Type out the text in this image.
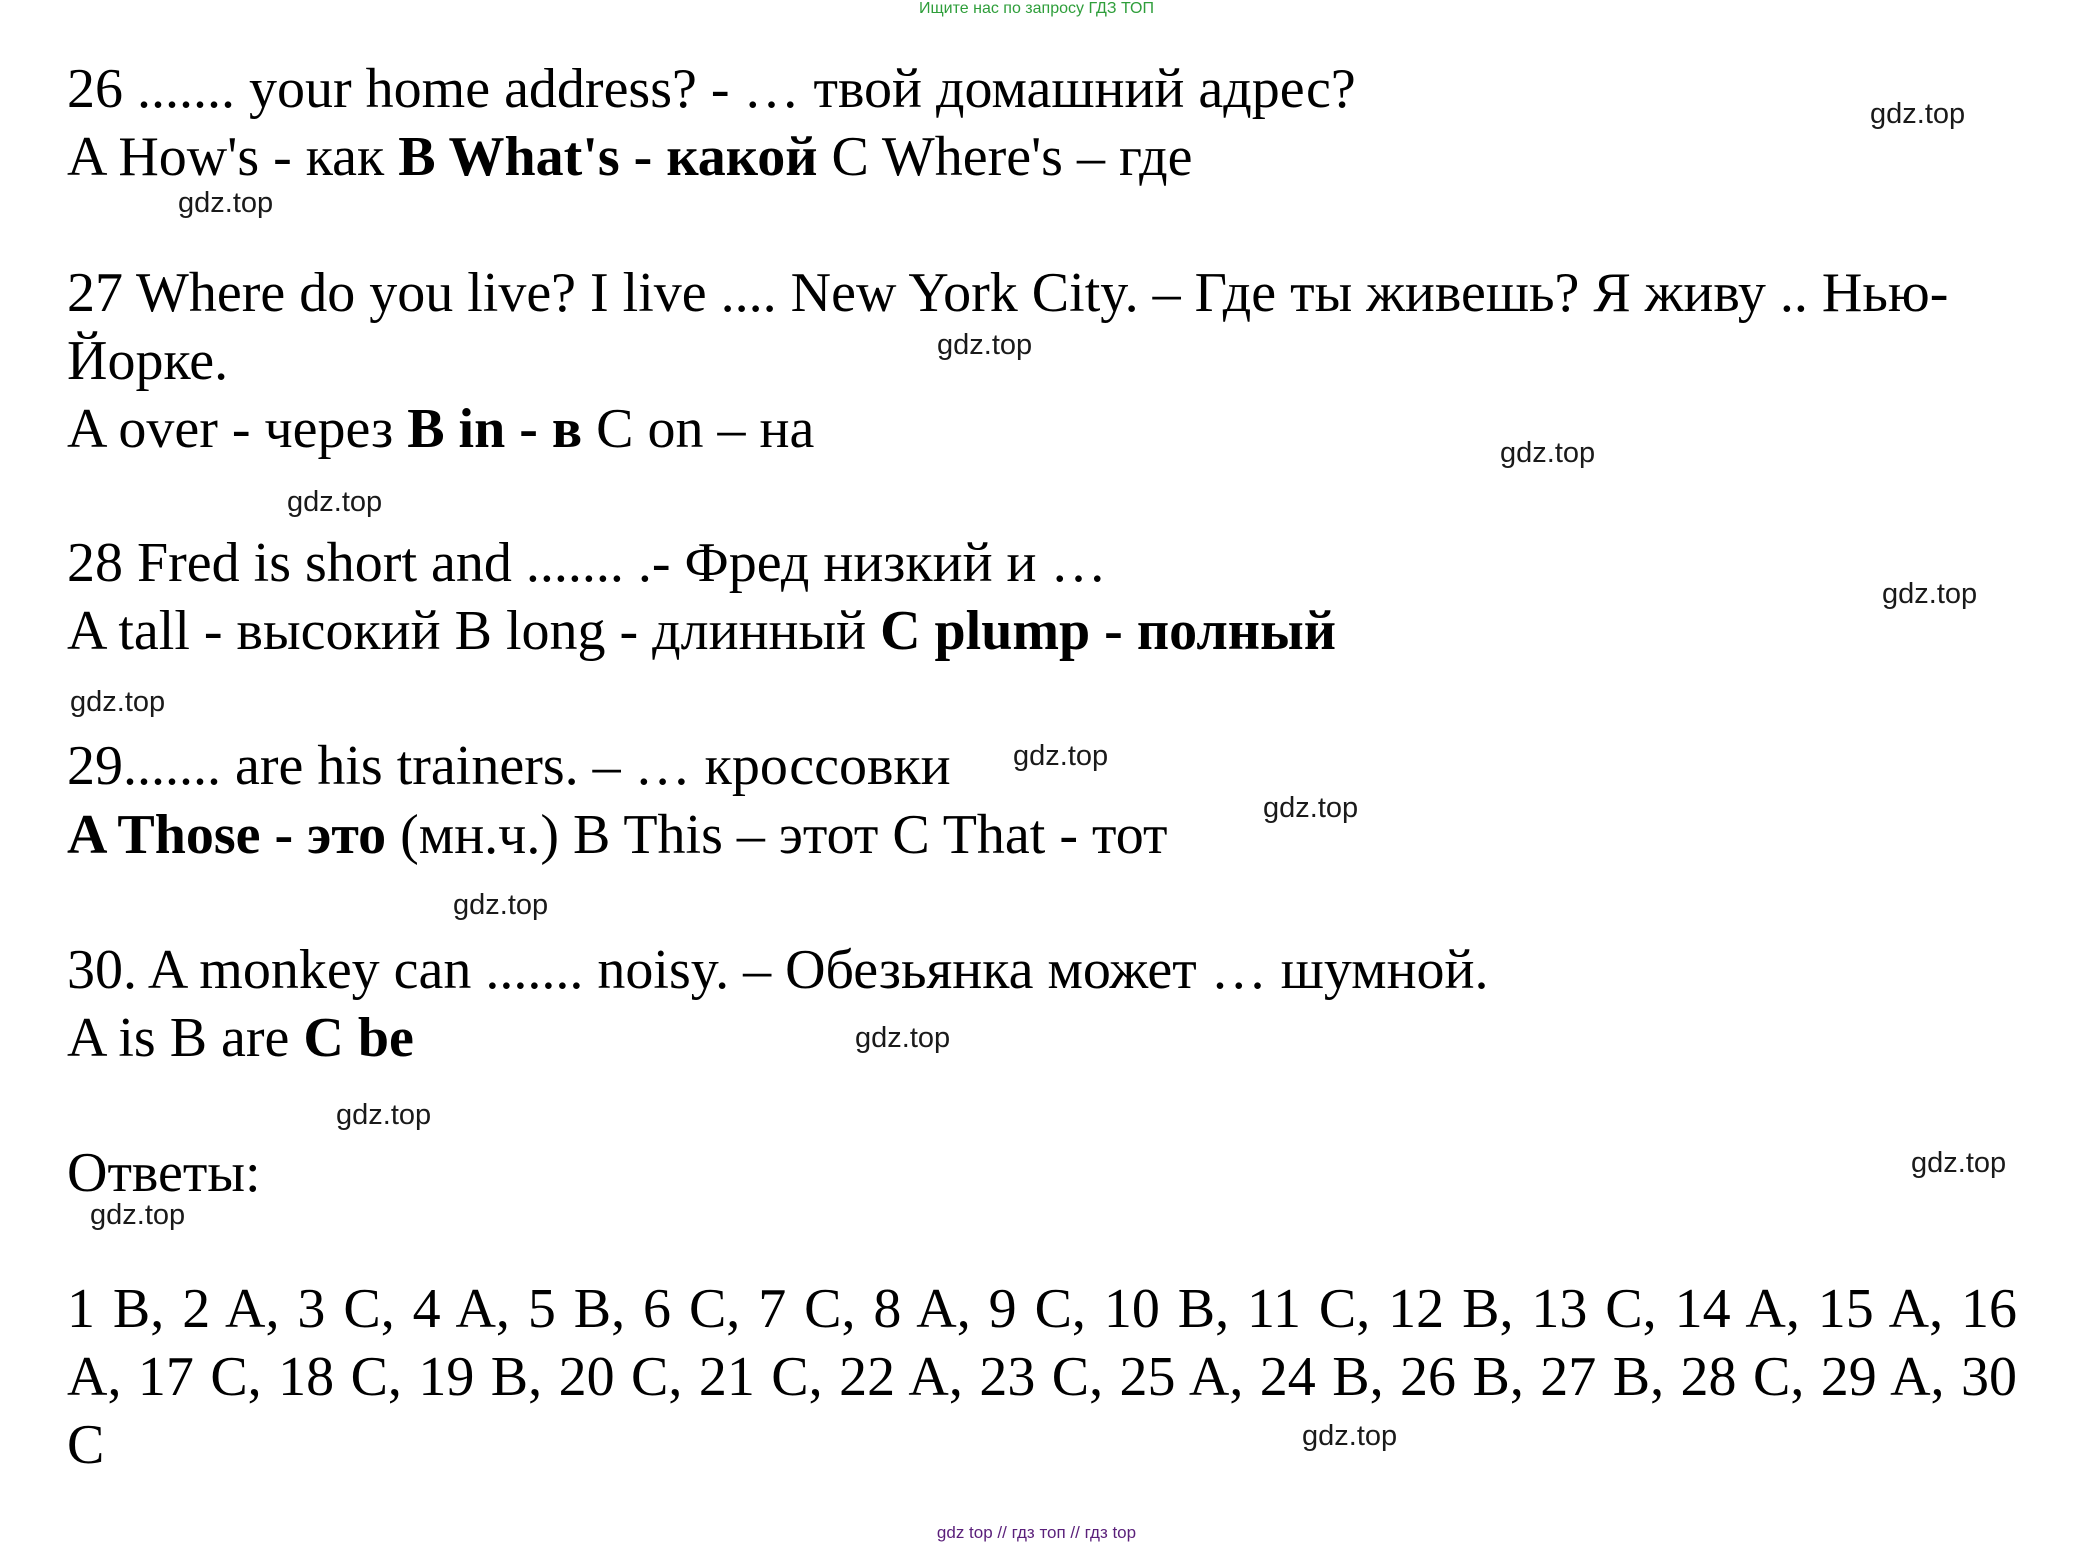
Ищите нас по запросу ГДЗ ТОП
26 ....... your home address? - … твой домашний адрес?
A How's - как B What's - какой C Where's – где
27 Where do you live? I live .... New York City. – Где ты живешь? Я живу .. Нью-
Йорке.
A over - через B in - в C on – на
28 Fred is short and ....... .- Фред низкий и …
A tall - высокий B long - длинный C plump - полный
29....... are his trainers. – … кроссовки
A Those - это (мн.ч.) B This – этот C That - тот
30. A monkey can ....... noisy. – Обезьянка может … шумной.
A is B are C be
Ответы:
1 B, 2 A, 3 C, 4 A, 5 B, 6 C, 7 C, 8 A, 9 C, 10 B, 11 C, 12 B, 13 C, 14 A, 15 A, 16
A, 17 C, 18 C, 19 B, 20 C, 21 C, 22 A, 23 C, 25 A, 24 B, 26 B, 27 B, 28 C, 29 A, 30
C
gdz.top
gdz.top
gdz.top
gdz.top
gdz.top
gdz.top
gdz.top
gdz.top
gdz.top
gdz.top
gdz.top
gdz.top
gdz.top
gdz.top
gdz.top
gdz top // гдз топ // гдз top
